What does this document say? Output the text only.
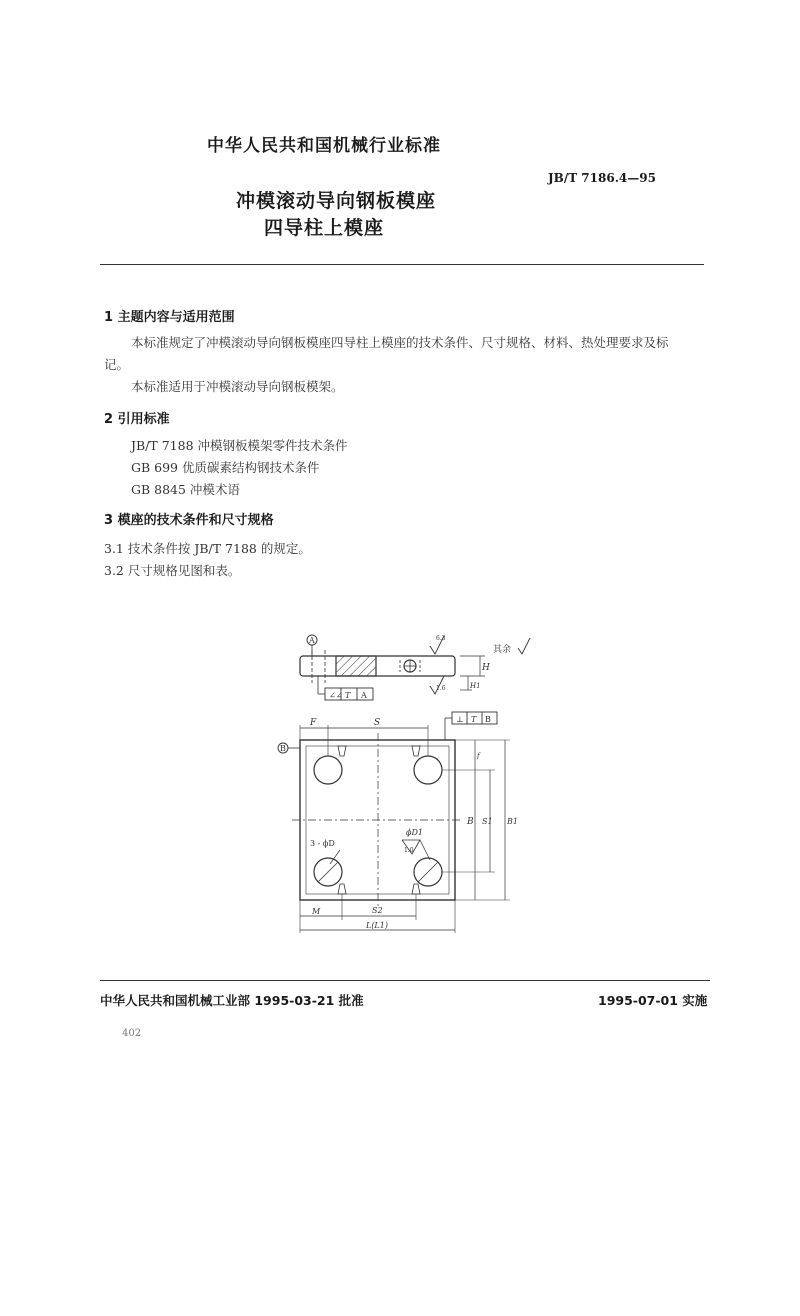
中华人民共和国机械行业标准
JB/T 7186.4—95
冲模滚动导向钢板模座
四导柱上模座
1 主题内容与适用范围
本标准规定了冲模滚动导向钢板模座四导柱上模座的技术条件、尺寸规格、材料、热处理要求及标
记。
本标准适用于冲模滚动导向钢板模架。
2 引用标准
JB/T 7188 冲模钢板模架零件技术条件
GB 699 优质碳素结构钢技术条件
GB 8845 冲模术语
3 模座的技术条件和尺寸规格
3.1 技术条件按 JB/T 7188 的规定。
3.2 尺寸规格见图和表。
A
B
其余
6.3
1.6
H
H1
∠∠ T A
⊥ T B
F	S
f
B S1 B1
ϕD1
1.0
3 - ϕD
M	S2
L(L1)
中华人民共和国机械工业部 1995-03-21 批准	1995-07-01 实施
402
